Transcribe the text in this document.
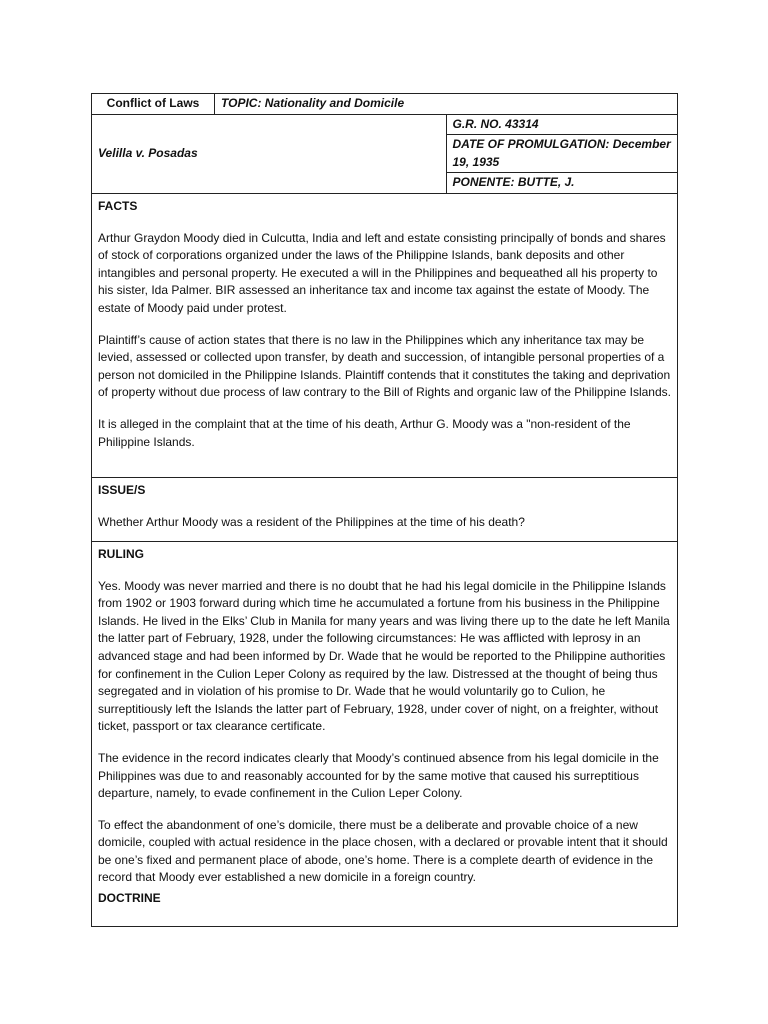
Conflict of Laws	TOPIC: Nationality and Domicile	
Velilla v. Posadas		G.R. NO. 43314
		DATE OF PROMULGATION: December 19, 1935
		PONENTE: BUTTE, J.

FACTS

Arthur Graydon Moody died in Culcutta, India and left and estate consisting principally of bonds and shares of stock of corporations organized under the laws of the Philippine Islands, bank deposits and other intangibles and personal property. He executed a will in the Philippines and bequeathed all his property to his sister, Ida Palmer. BIR assessed an inheritance tax and income tax against the estate of Moody. The estate of Moody paid under protest.

Plaintiff’s cause of action states that there is no law in the Philippines which any inheritance tax may be levied, assessed or collected upon transfer, by death and succession, of intangible personal properties of a person not domiciled in the Philippine Islands. Plaintiff contends that it constitutes the taking and deprivation of property without due process of law contrary to the Bill of Rights and organic law of the Philippine Islands.

It is alleged in the complaint that at the time of his death, Arthur G. Moody was a "non-resident of the Philippine Islands.		

ISSUE/S

Whether Arthur Moody was a resident of the Philippines at the time of his death?		

RULING

Yes. Moody was never married and there is no doubt that he had his legal domicile in the Philippine Islands from 1902 or 1903 forward during which time he accumulated a fortune from his business in the Philippine Islands. He lived in the Elks’ Club in Manila for many years and was living there up to the date he left Manila the latter part of February, 1928, under the following circumstances: He was afflicted with leprosy in an advanced stage and had been informed by Dr. Wade that he would be reported to the Philippine authorities for confinement in the Culion Leper Colony as required by the law. Distressed at the thought of being thus segregated and in violation of his promise to Dr. Wade that he would voluntarily go to Culion, he surreptitiously left the Islands the latter part of February, 1928, under cover of night, on a freighter, without ticket, passport or tax clearance certificate.

The evidence in the record indicates clearly that Moody’s continued absence from his legal domicile in the Philippines was due to and reasonably accounted for by the same motive that caused his surreptitious departure, namely, to evade confinement in the Culion Leper Colony.

To effect the abandonment of one’s domicile, there must be a deliberate and provable choice of a new domicile, coupled with actual residence in the place chosen, with a declared or provable intent that it should be one’s fixed and permanent place of abode, one’s home. There is a complete dearth of evidence in the record that Moody ever established a new domicile in a foreign country.

DOCTRINE		
